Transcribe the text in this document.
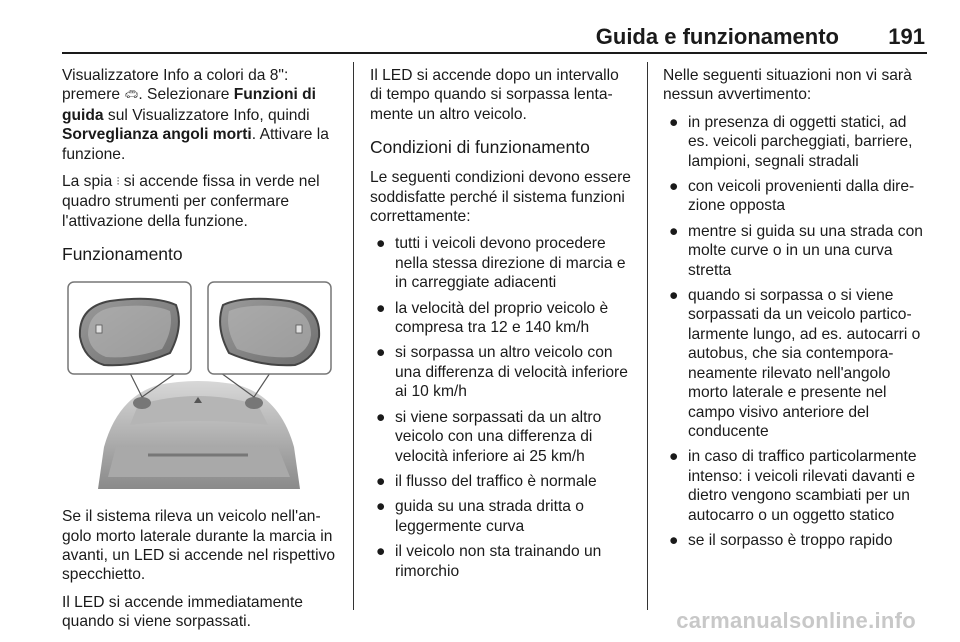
Guida e funzionamento 191

Visualizzatore Info a colori da 8": premere 🚗︎. Selezionare Funzioni di guida sul Visualizzatore Info, quindi Sorveglianza angoli morti. Attivare la funzione.

La spia ⫶ si accende fissa in verde nel quadro strumenti per confermare l'attivazione della funzione.

Funzionamento

Se il sistema rileva un veicolo nell'angolo morto laterale durante la marcia in avanti, un LED si accende nel rispettivo specchietto.

Il LED si accende immediatamente quando si viene sorpassati.

Il LED si accende dopo un intervallo di tempo quando si sorpassa lentamente un altro veicolo.

Condizioni di funzionamento

Le seguenti condizioni devono essere soddisfatte perché il sistema funzioni correttamente:

● tutti i veicoli devono procedere nella stessa direzione di marcia e in carreggiate adiacenti
● la velocità del proprio veicolo è compresa tra 12 e 140 km/h
● si sorpassa un altro veicolo con una differenza di velocità inferiore ai 10 km/h
● si viene sorpassati da un altro veicolo con una differenza di velocità inferiore ai 25 km/h
● il flusso del traffico è normale
● guida su una strada dritta o leggermente curva
● il veicolo non sta trainando un rimorchio

Nelle seguenti situazioni non vi sarà nessun avvertimento:

● in presenza di oggetti statici, ad es. veicoli parcheggiati, barriere, lampioni, segnali stradali
● con veicoli provenienti dalla direzione opposta
● mentre si guida su una strada con molte curve o in un una curva stretta
● quando si sorpassa o si viene sorpassati da un veicolo particolarmente lungo, ad es. autocarri o autobus, che sia contemporaneamente rilevato nell'angolo morto laterale e presente nel campo visivo anteriore del conducente
● in caso di traffico particolarmente intenso: i veicoli rilevati davanti e dietro vengono scambiati per un autocarro o un oggetto statico
● se il sorpasso è troppo rapido
carmanualsonline.info
